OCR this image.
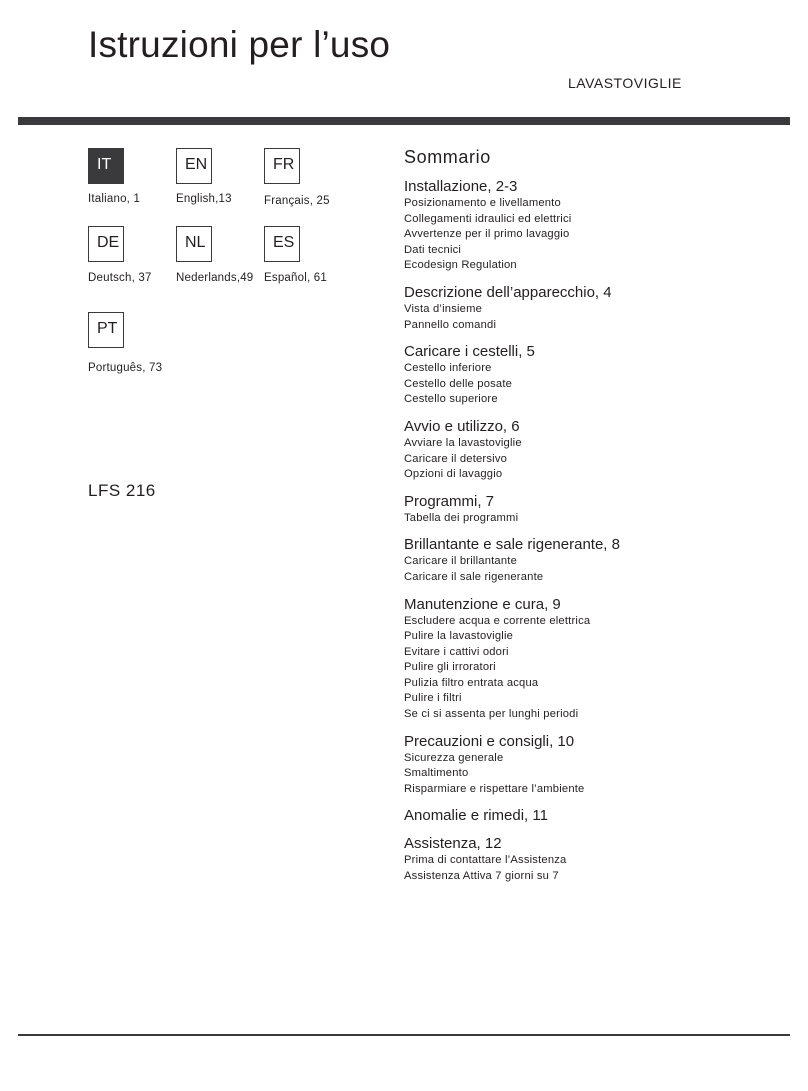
Istruzioni per l’uso
LAVASTOVIGLIE
IT
Italiano, 1
EN
English,13
FR
Français, 25
DE
Deutsch, 37
NL
Nederlands,49
ES
Español, 61
PT
Português, 73
LFS 216
Sommario
Installazione, 2-3
Posizionamento e livellamento
Collegamenti idraulici ed elettrici
Avvertenze per il primo lavaggio
Dati tecnici
Ecodesign Regulation
Descrizione dell’apparecchio, 4
Vista d’insieme
Pannello comandi
Caricare i cestelli, 5
Cestello inferiore
Cestello delle posate
Cestello superiore
Avvio e utilizzo, 6
Avviare la lavastoviglie
Caricare il detersivo
Opzioni di lavaggio
Programmi, 7
Tabella dei programmi
Brillantante e sale rigenerante, 8
Caricare il brillantante
Caricare il sale rigenerante
Manutenzione e cura, 9
Escludere acqua e corrente elettrica
Pulire la lavastoviglie
Evitare i cattivi odori
Pulire gli irroratori
Pulizia filtro entrata acqua
Pulire i filtri
Se ci si assenta per lunghi periodi
Precauzioni e consigli, 10
Sicurezza generale
Smaltimento
Risparmiare e rispettare l’ambiente
Anomalie e rimedi, 11
Assistenza, 12
Prima di contattare l’Assistenza
Assistenza Attiva 7 giorni su 7
